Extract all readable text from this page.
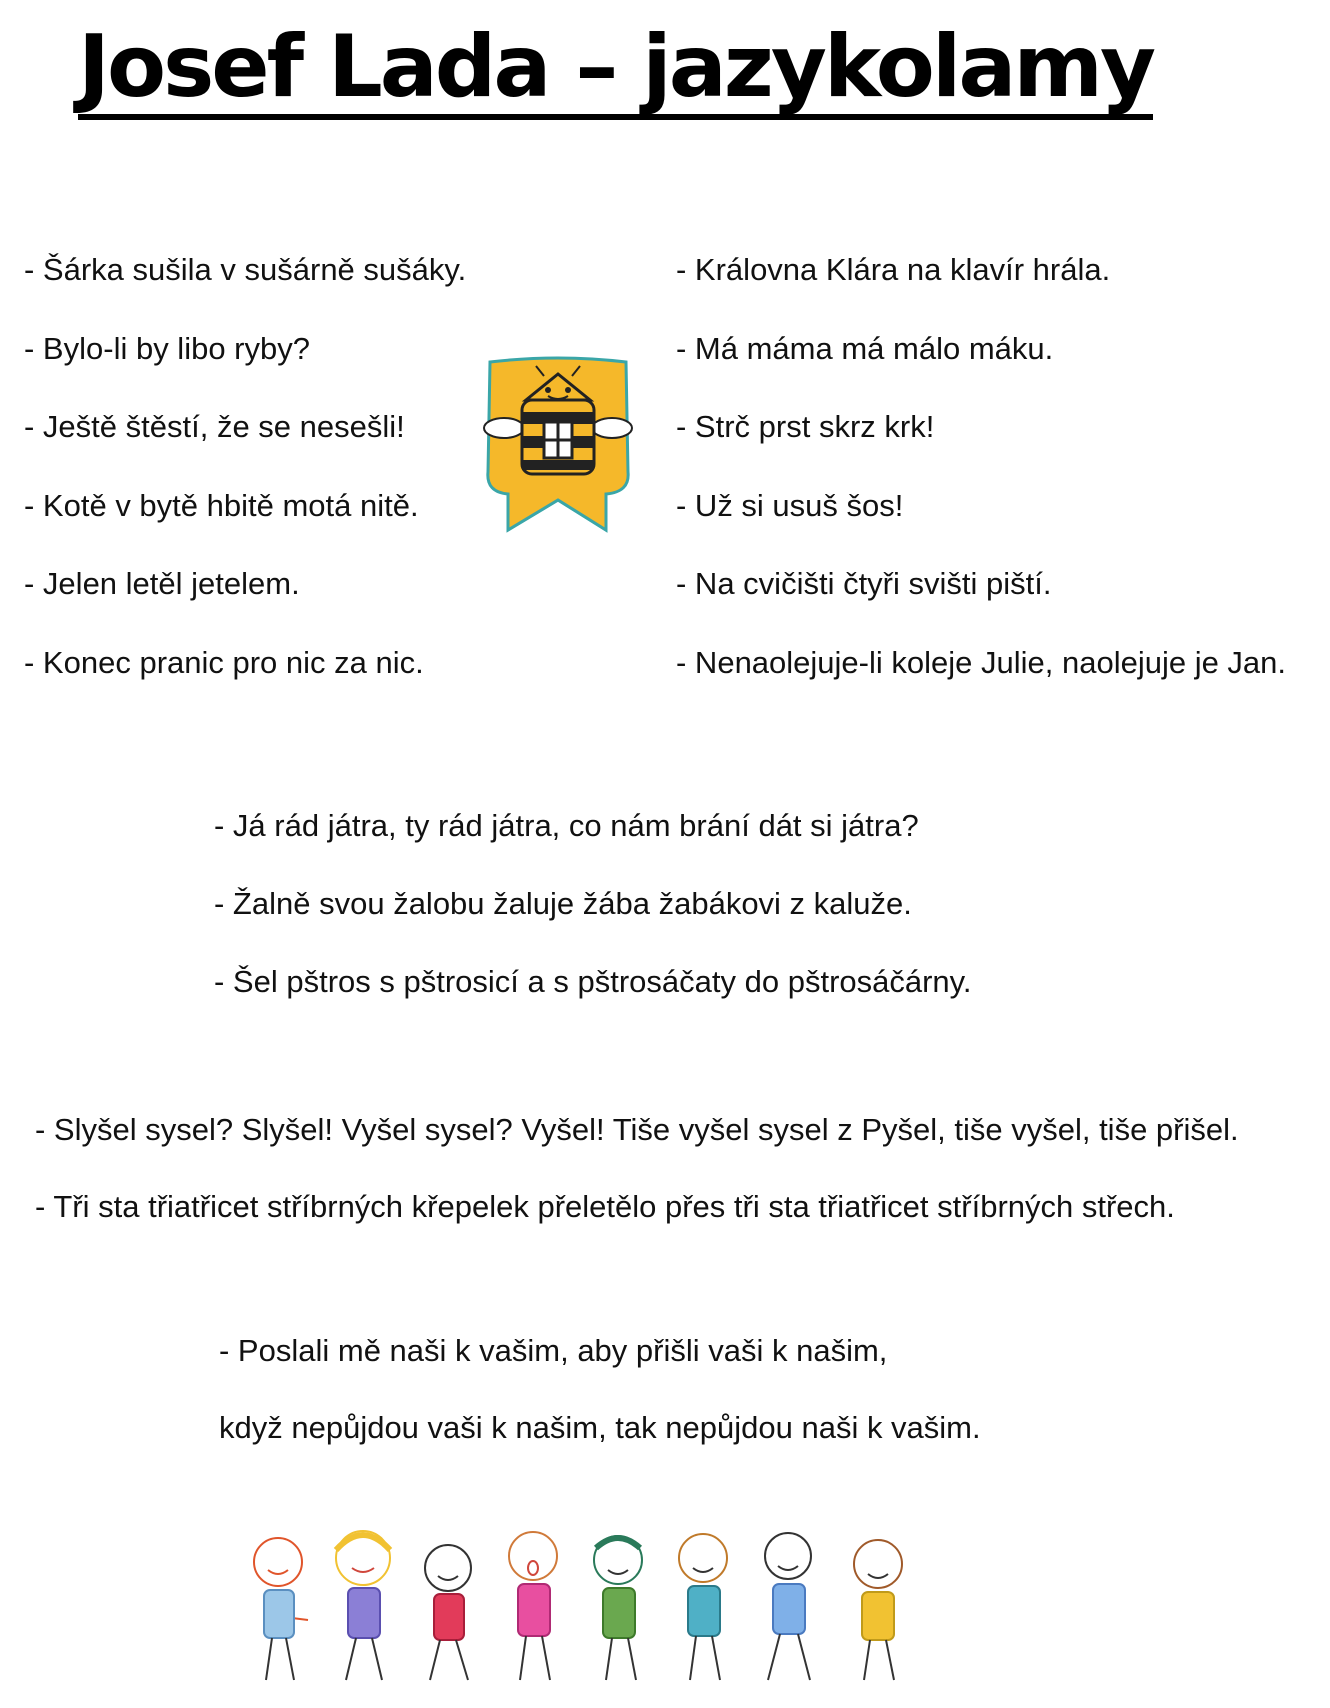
Josef Lada – jazykolamy

- Šárka sušila v sušárně sušáky.

- Bylo-li by libo ryby?

- Ještě štěstí, že se nesešli!

- Kotě v bytě hbitě motá nitě.

- Jelen letěl jetelem.

- Konec pranic pro nic za nic.

- Královna Klára na klavír hrála.

- Má máma má málo máku.

- Strč prst skrz krk!

- Už si usuš šos!

- Na cvičišti čtyři svišti piští.

- Nenaolejuje-li koleje Julie, naolejuje je Jan.

- Já rád játra, ty rád játra, co nám brání dát si játra?

- Žalně svou žalobu žaluje žába žabákovi z kaluže.

- Šel pštros s pštrosicí a s pštrosáčaty do pštrosáčárny.

- Slyšel sysel? Slyšel! Vyšel sysel? Vyšel! Tiše vyšel sysel z Pyšel, tiše vyšel, tiše přišel.

- Tři sta třiatřicet stříbrných křepelek přeletělo přes tři sta třiatřicet stříbrných střech.

- Poslali mě naši k vašim, aby přišli vaši k našim,

když nepůjdou vaši k našim, tak nepůjdou naši k vašim.
